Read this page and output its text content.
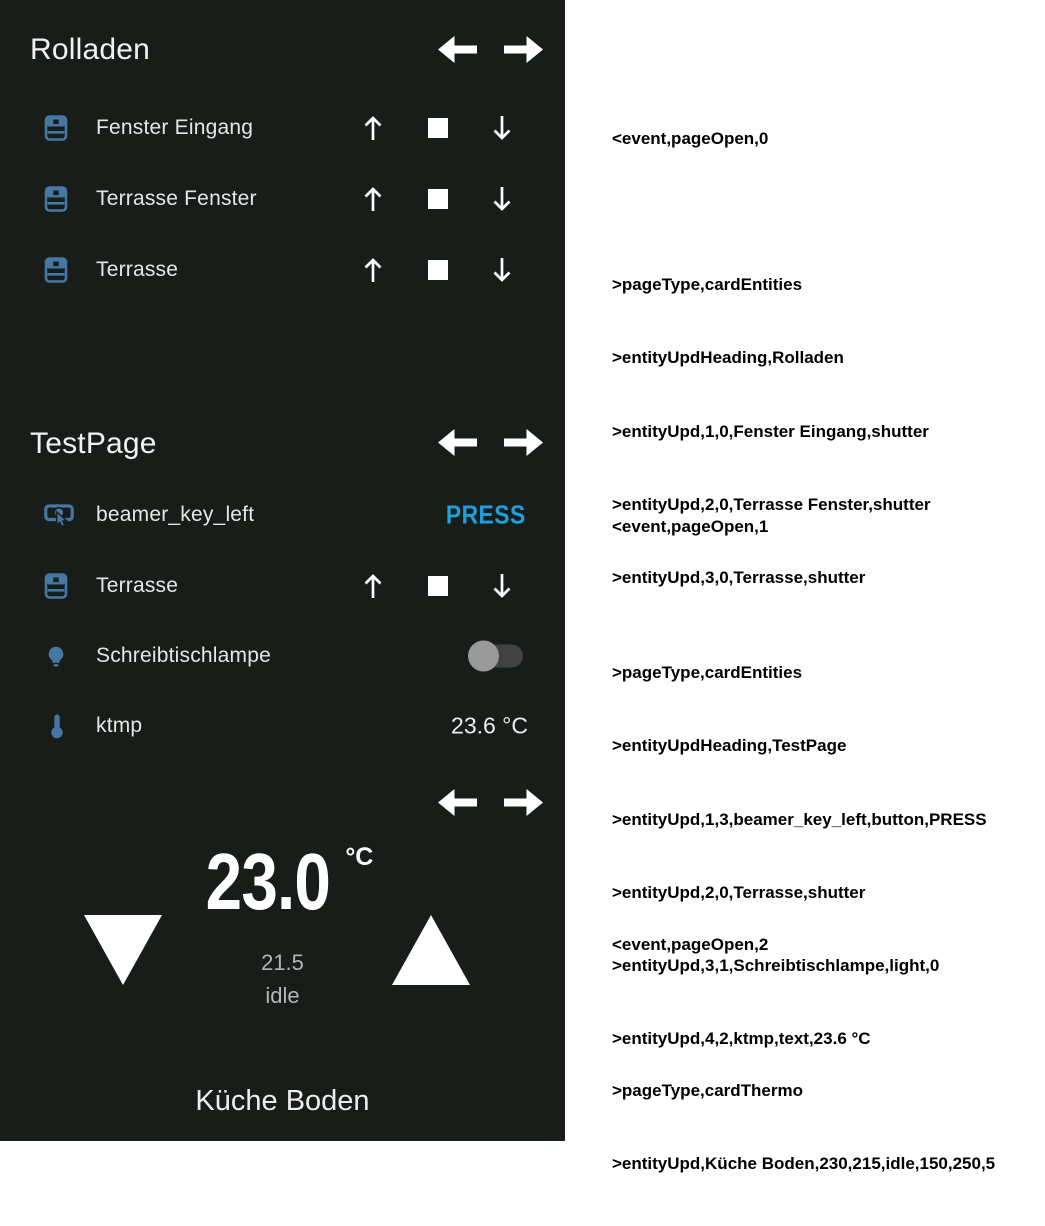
Rolladen
Fenster Eingang
Terrasse Fenster
Terrasse
TestPage
beamer_key_left	PRESS
Terrasse
Schreibtischlampe
ktmp	23.6 °C
23.0 °C
21.5
idle
Küche Boden

<event,pageOpen,0

>pageType,cardEntities

>entityUpdHeading,Rolladen

>entityUpd,1,0,Fenster Eingang,shutter

>entityUpd,2,0,Terrasse Fenster,shutter

>entityUpd,3,0,Terrasse,shutter

<event,pageOpen,1

>pageType,cardEntities

>entityUpdHeading,TestPage

>entityUpd,1,3,beamer_key_left,button,PRESS

>entityUpd,2,0,Terrasse,shutter

>entityUpd,3,1,Schreibtischlampe,light,0

>entityUpd,4,2,ktmp,text,23.6 °C

<event,pageOpen,2

>pageType,cardThermo

>entityUpd,Küche Boden,230,215,idle,150,250,5
